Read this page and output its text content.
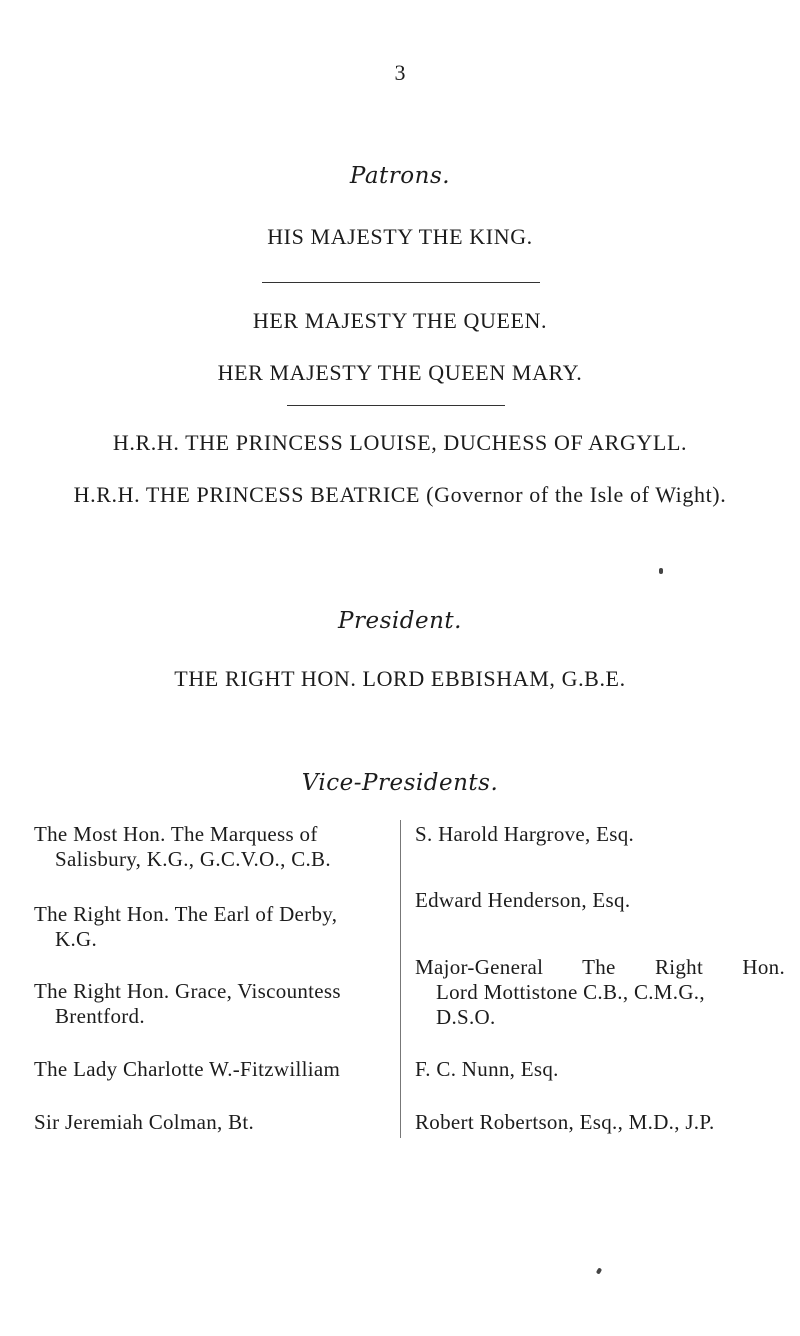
3
Patrons.
HIS MAJESTY THE KING.
HER MAJESTY THE QUEEN.
HER MAJESTY THE QUEEN MARY.
H.R.H. THE PRINCESS LOUISE, DUCHESS OF ARGYLL.
H.R.H. THE PRINCESS BEATRICE (Governor of the Isle of Wight).
President.
THE RIGHT HON. LORD EBBISHAM, G.B.E.
Vice-Presidents.
The Most Hon. The Marquess of
Salisbury, K.G., G.C.V.O., C.B.
The Right Hon. The Earl of Derby,
K.G.
The Right Hon. Grace, Viscountess
Brentford.
The Lady Charlotte W.-Fitzwilliam
Sir Jeremiah Colman, Bt.
S. Harold Hargrove, Esq.
Edward Henderson, Esq.
Major-General The Right Hon.
Lord Mottistone C.B., C.M.G.,
D.S.O.
F. C. Nunn, Esq.
Robert Robertson, Esq., M.D., J.P.
